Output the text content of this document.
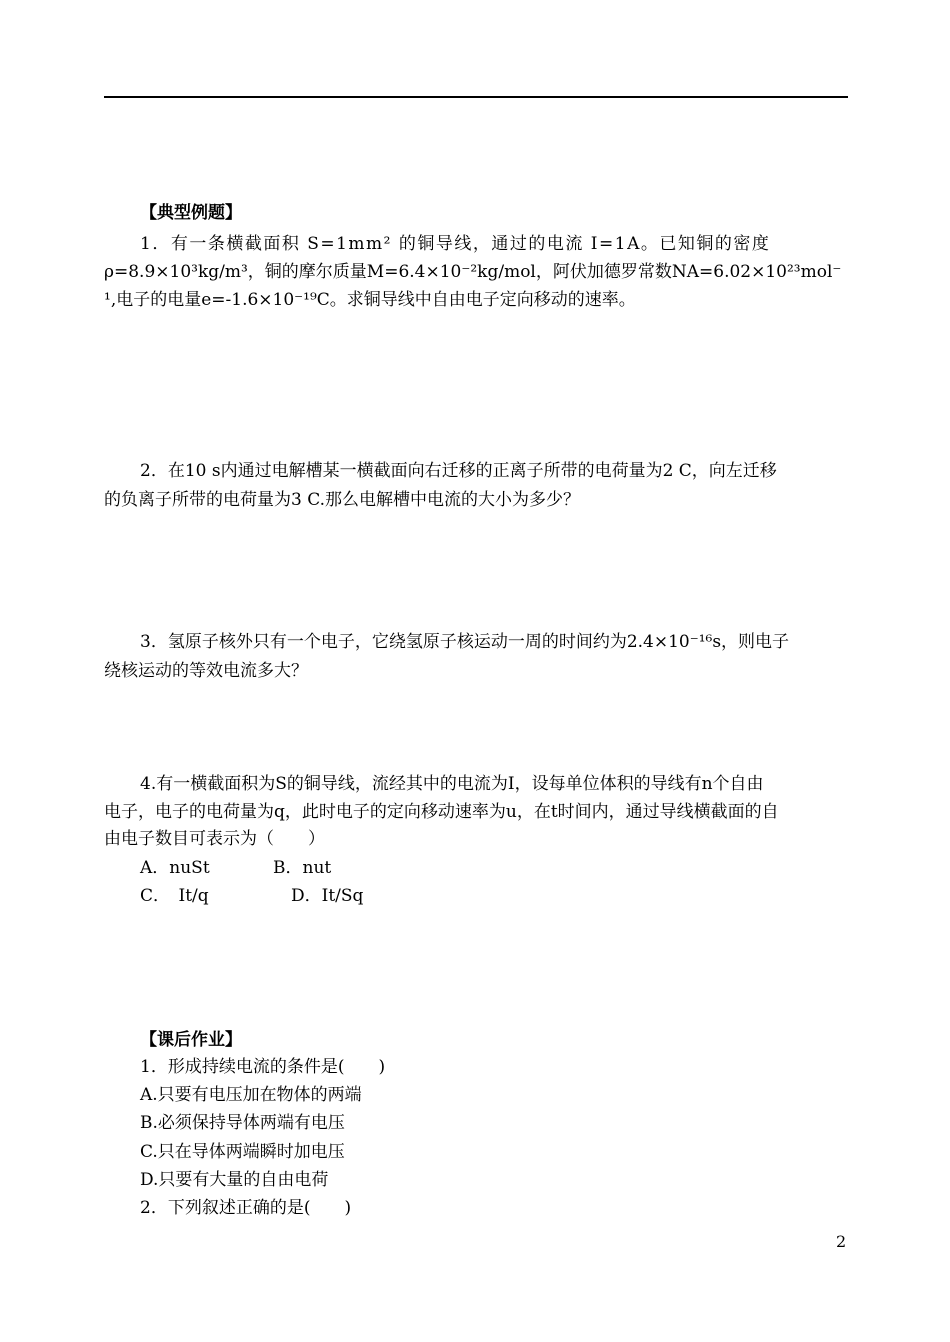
【典型例题】
1．有一条横截面积 S=1mm² 的铜导线，通过的电流 I=1A。已知铜的密度
ρ=8.9×10³kg/m³，铜的摩尔质量M=6.4×10⁻²kg/mol，阿伏加德罗常数NA=6.02×10²³mol⁻
¹,电子的电量e=-1.6×10⁻¹⁹C。求铜导线中自由电子定向移动的速率。
2．在10 s内通过电解槽某一横截面向右迁移的正离子所带的电荷量为2 C，向左迁移
的负离子所带的电荷量为3 C.那么电解槽中电流的大小为多少？
3．氢原子核外只有一个电子，它绕氢原子核运动一周的时间约为2.4×10⁻¹⁶s，则电子
绕核运动的等效电流多大？
4.有一横截面积为S的铜导线，流经其中的电流为I，设每单位体积的导线有n个自由
电子，电子的电荷量为q，此时电子的定向移动速率为u，在t时间内，通过导线横截面的自
由电子数目可表示为（　　）
A．nuSt	B．nut
C．　It/q	D．It/Sq
【课后作业】
1．形成持续电流的条件是(　　)
A.只要有电压加在物体的两端
B.必须保持导体两端有电压
C.只在导体两端瞬时加电压
D.只要有大量的自由电荷
2．下列叙述正确的是(　　)
2
